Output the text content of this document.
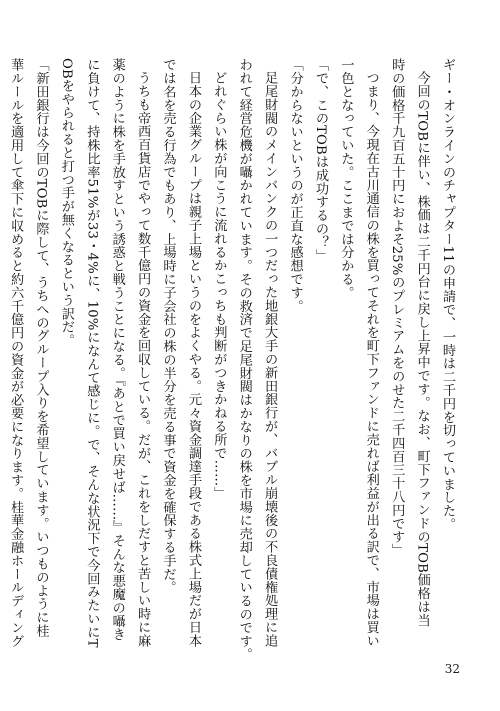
ギー・オンラインのチャプター11の申請で、一時は二千円を切っていました。
今回のTOBに伴い、株価は二千円台に戻し上昇中です。なお、町下ファンドのTOB価格は当
時の価格千九百五十円におよそ25%のプレミアムをのせた二千四百三十八円です」
つまり、今現在古川通信の株を買ってそれを町下ファンドに売れば利益が出る訳で、市場は買い
一色となっていた。ここまでは分かる。
「で、このTOBは成功するの？」
「分からないというのが正直な感想です。
足尾財閥のメインバンクの一つだった地銀大手の新田銀行が、バブル崩壊後の不良債権処理に追
われて経営危機が囁かれています。その救済で足尾財閥はかなりの株を市場に売却しているのです。
どれぐらい株が向こうに流れるかこっちも判断がつきかねる所で……」
日本の企業グループは親子上場というのをよくやる。元々資金調達手段である株式上場だが日本
では名を売る行為でもあり、上場時に子会社の株の半分を売る事で資金を確保する手だ。
うちも帝西百貨店でやって数千億円の資金を回収している。だが、これをしだすと苦しい時に麻
薬のように株を手放すという誘惑と戦うことになる。『あとで買い戻せば……』そんな悪魔の囁き
に負けて、持株比率51%が33・4%に、10%になんて感じに。で、そんな状況下で今回みたいにT
OBをやられると打つ手が無くなるという訳だ。
「新田銀行は今回のTOBに際して、うちへのグループ入りを希望しています。いつものように桂
華ルールを適用して傘下に収めると約六千億円の資金が必要になります。桂華金融ホールディング
32
